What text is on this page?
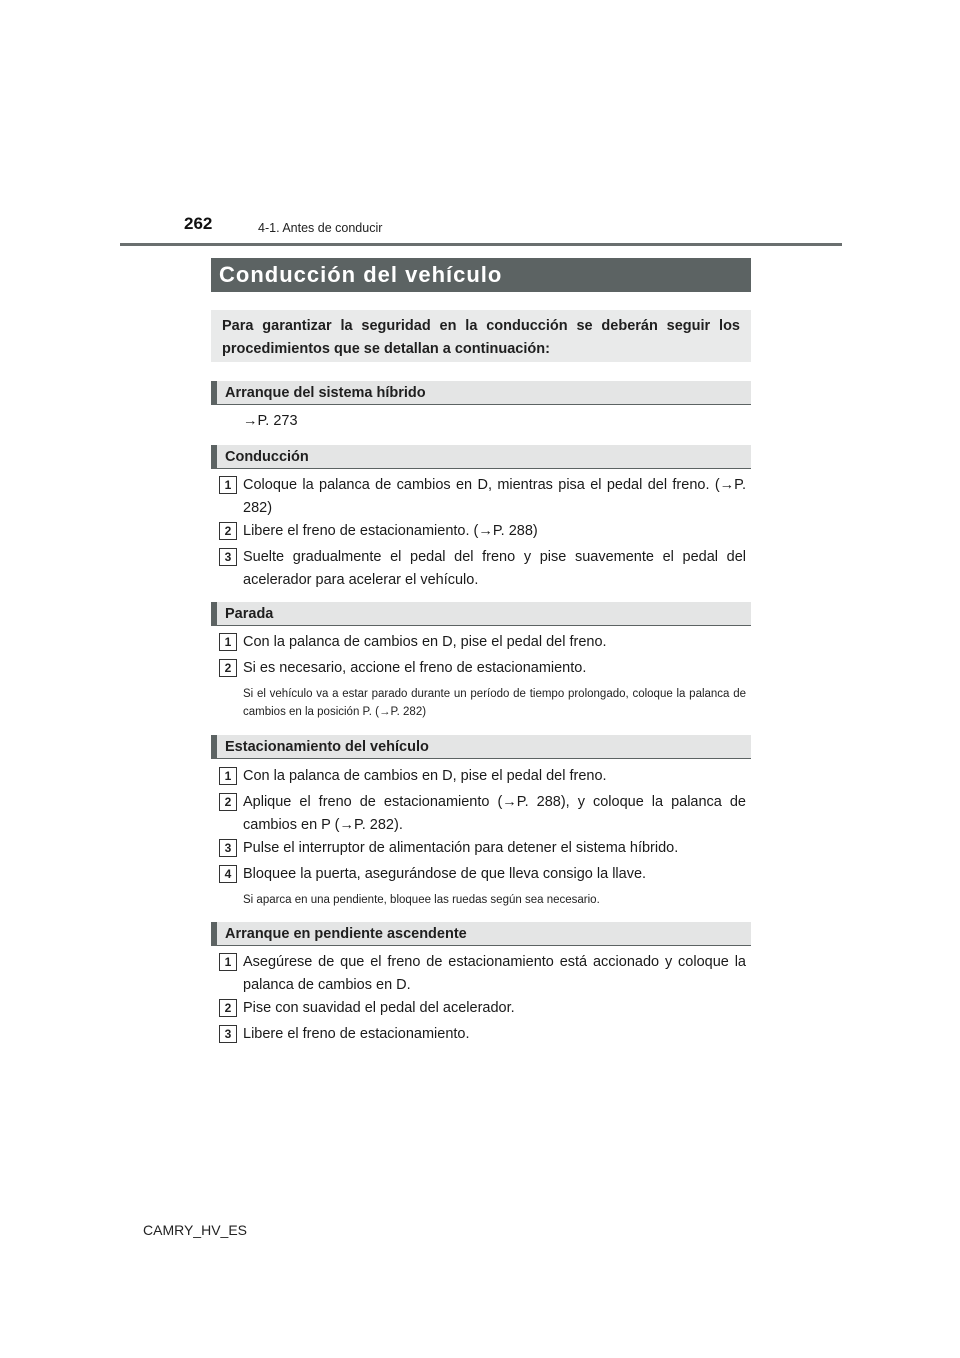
262	4-1. Antes de conducir
Conducción del vehículo
Para garantizar la seguridad en la conducción se deberán seguir los procedimientos que se detallan a continuación:
Arranque del sistema híbrido
→P. 273
Conducción
1 Coloque la palanca de cambios en D, mientras pisa el pedal del freno. (→P. 282)
2 Libere el freno de estacionamiento. (→P. 288)
3 Suelte gradualmente el pedal del freno y pise suavemente el pedal del acelerador para acelerar el vehículo.
Parada
1 Con la palanca de cambios en D, pise el pedal del freno.
2 Si es necesario, accione el freno de estacionamiento.
Si el vehículo va a estar parado durante un período de tiempo prolongado, coloque la palanca de cambios en la posición P. (→P. 282)
Estacionamiento del vehículo
1 Con la palanca de cambios en D, pise el pedal del freno.
2 Aplique el freno de estacionamiento (→P. 288), y coloque la palanca de cambios en P (→P. 282).
3 Pulse el interruptor de alimentación para detener el sistema híbrido.
4 Bloquee la puerta, asegurándose de que lleva consigo la llave.
Si aparca en una pendiente, bloquee las ruedas según sea necesario.
Arranque en pendiente ascendente
1 Asegúrese de que el freno de estacionamiento está accionado y coloque la palanca de cambios en D.
2 Pise con suavidad el pedal del acelerador.
3 Libere el freno de estacionamiento.
CAMRY_HV_ES
